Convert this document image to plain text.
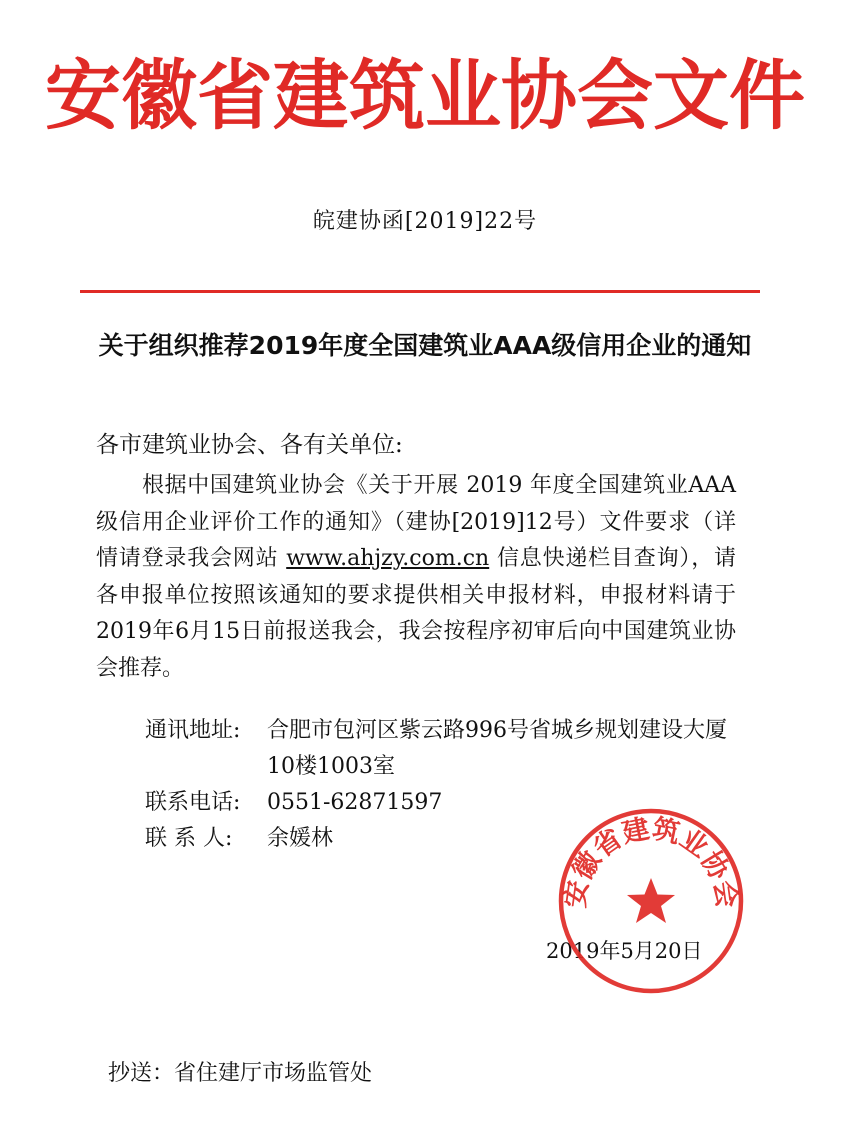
安徽省建筑业协会文件
皖建协函[2019]22号
关于组织推荐2019年度全国建筑业AAA级信用企业的通知
各市建筑业协会、各有关单位:
根据中国建筑业协会《关于开展 2019 年度全国建筑业AAA级信用企业评价工作的通知》（建协[2019]12号）文件要求（详情请登录我会网站 www.ahjzy.com.cn 信息快递栏目查询），请各申报单位按照该通知的要求提供相关申报材料，申报材料请于2019年6月15日前报送我会，我会按程序初审后向中国建筑业协会推荐。
通讯地址:	合肥市包河区紫云路996号省城乡规划建设大厦10楼1003室
联系电话:	0551-62871597
联 系 人:	余媛林
2019年5月20日
安徽省建筑业协会
抄送：省住建厅市场监管处
